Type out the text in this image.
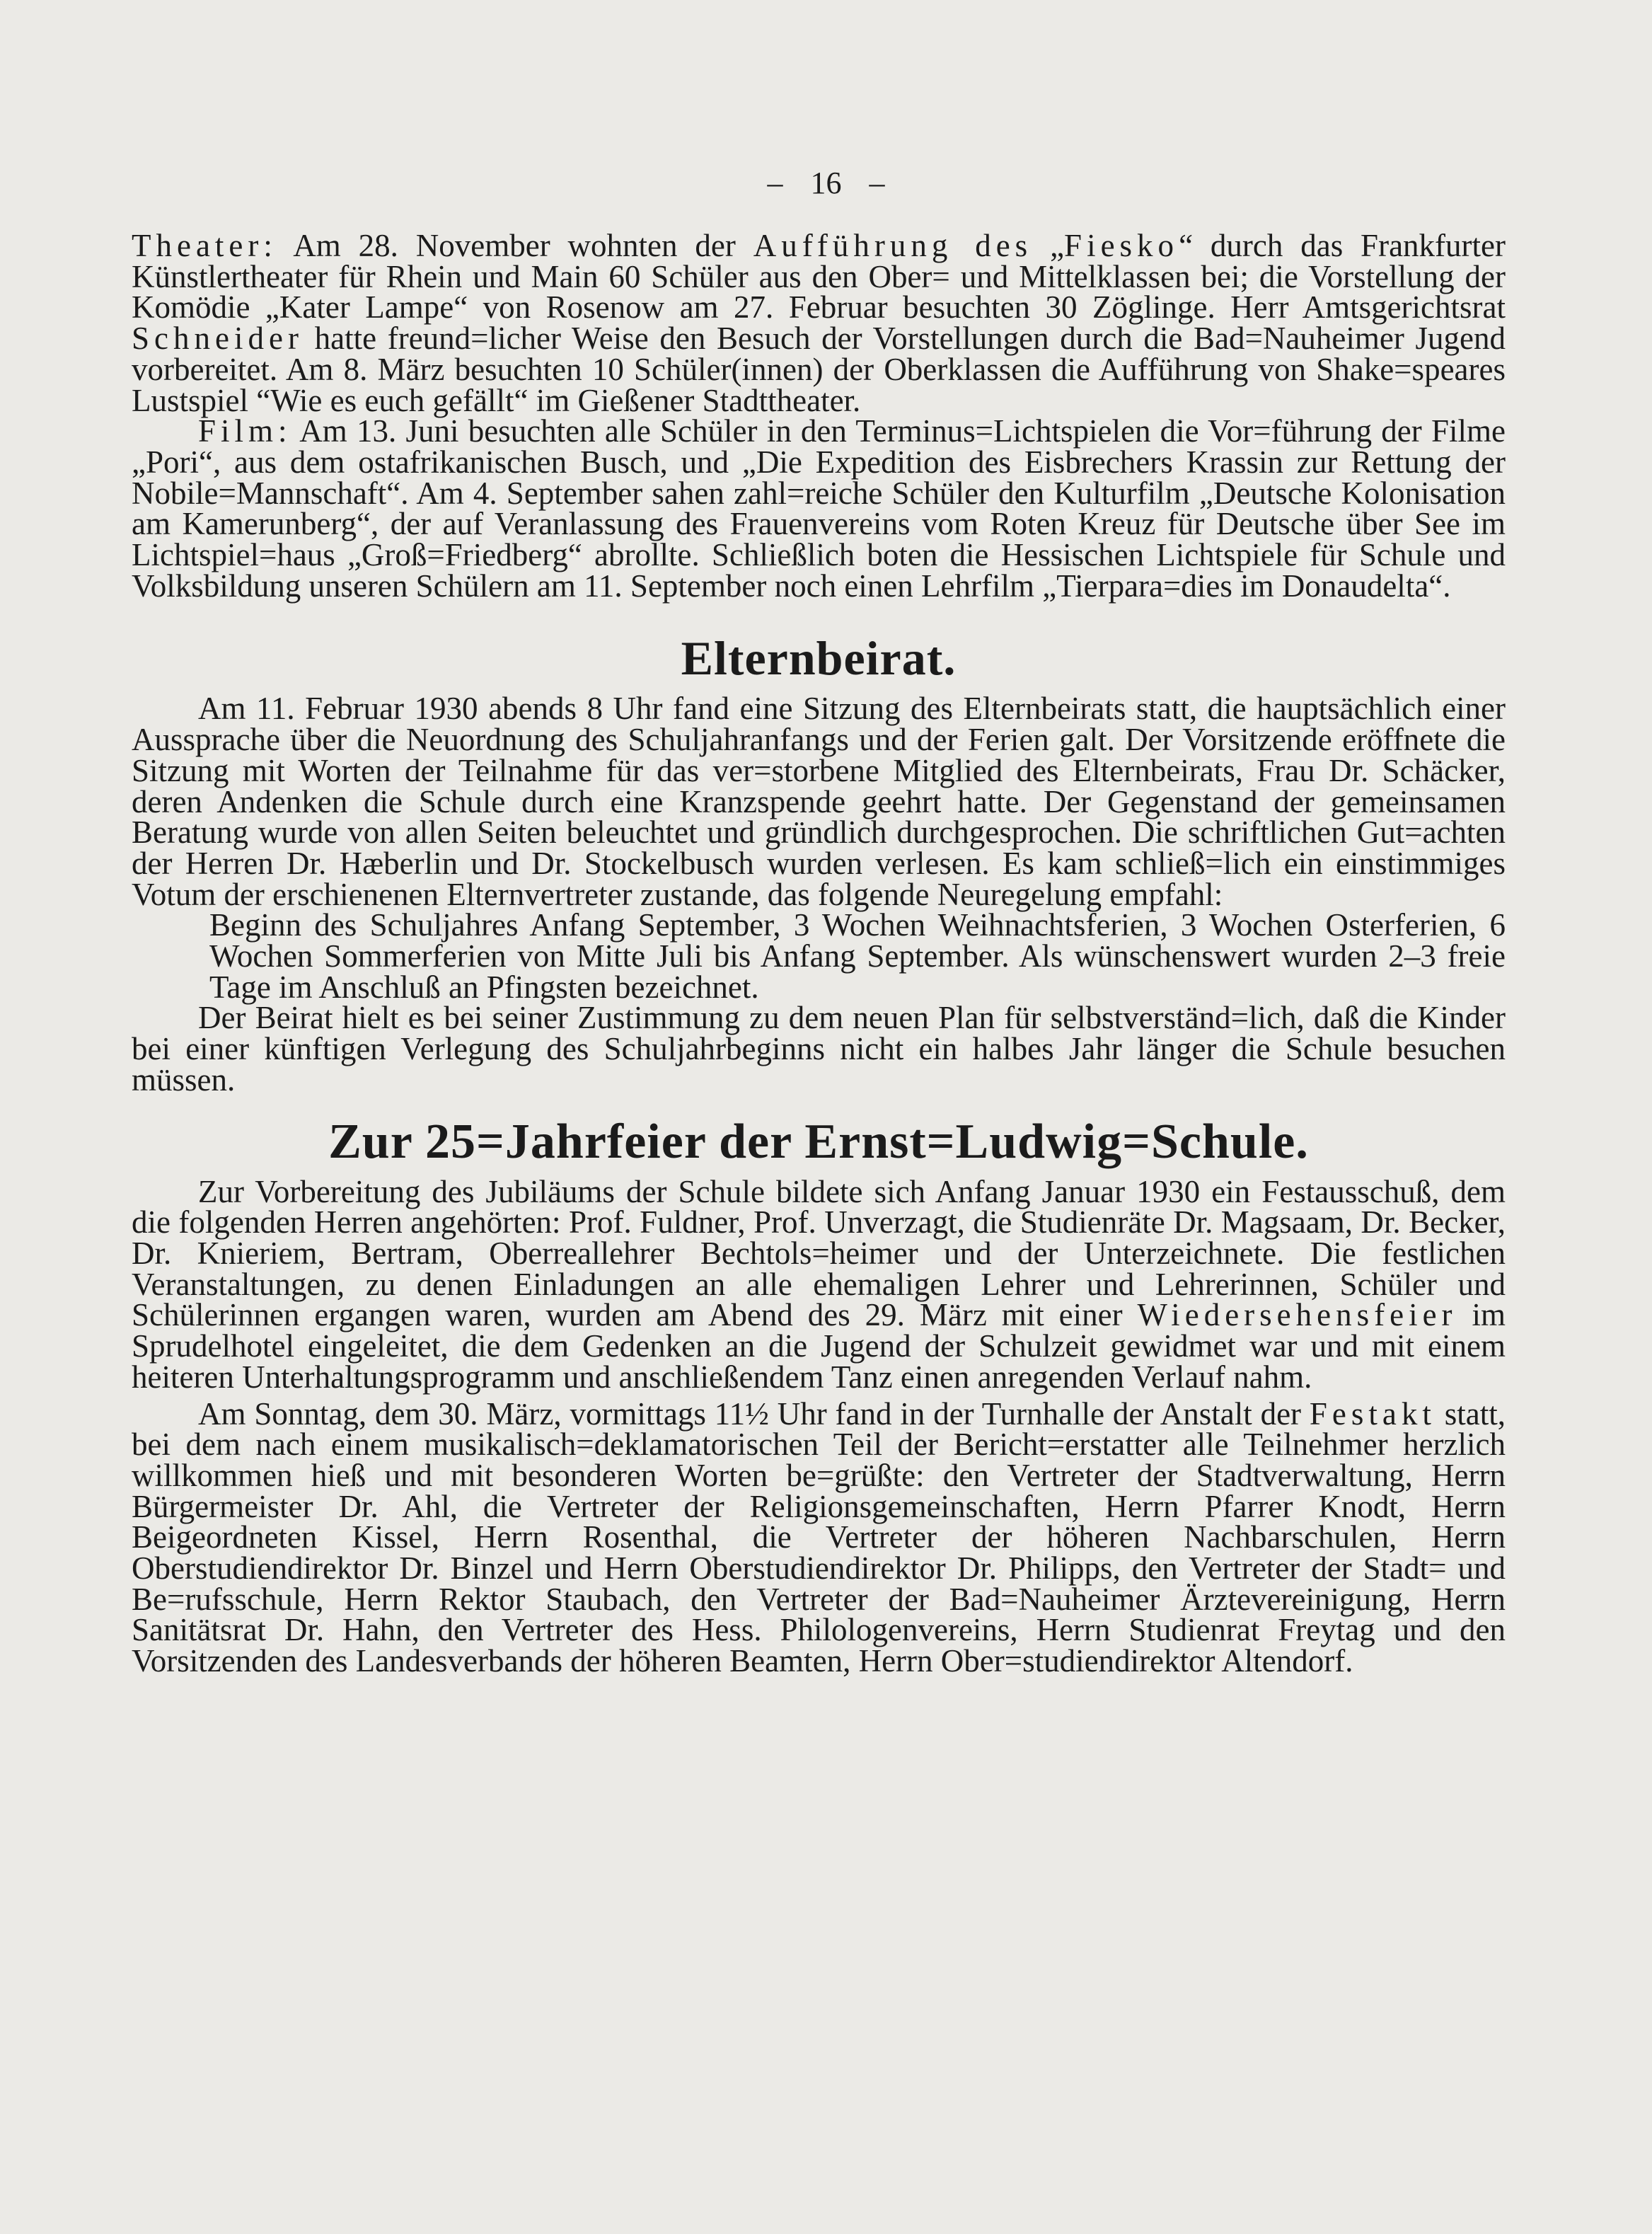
– 16 –

Theater: Am 28. November wohnten der Aufführung des „Fiesko“ durch das Frankfurter Künstlertheater für Rhein und Main 60 Schüler aus den Ober= und Mittelklassen bei; die Vorstellung der Komödie „Kater Lampe“ von Rosenow am 27. Februar besuchten 30 Zöglinge. Herr Amtsgerichtsrat Schneider hatte freund=licher Weise den Besuch der Vorstellungen durch die Bad=Nauheimer Jugend vorbereitet. Am 8. März besuchten 10 Schüler(innen) der Oberklassen die Aufführung von Shake=speares Lustspiel “Wie es euch gefällt“ im Gießener Stadttheater.

Film: Am 13. Juni besuchten alle Schüler in den Terminus=Lichtspielen die Vor=führung der Filme „Pori“, aus dem ostafrikanischen Busch, und „Die Expedition des Eisbrechers Krassin zur Rettung der Nobile=Mannschaft“. Am 4. September sahen zahl=reiche Schüler den Kulturfilm „Deutsche Kolonisation am Kamerunberg“, der auf Veranlassung des Frauenvereins vom Roten Kreuz für Deutsche über See im Lichtspiel=haus „Groß=Friedberg“ abrollte. Schließlich boten die Hessischen Lichtspiele für Schule und Volksbildung unseren Schülern am 11. September noch einen Lehrfilm „Tierpara=dies im Donaudelta“.

Elternbeirat.

Am 11. Februar 1930 abends 8 Uhr fand eine Sitzung des Elternbeirats statt, die hauptsächlich einer Aussprache über die Neuordnung des Schuljahranfangs und der Ferien galt. Der Vorsitzende eröffnete die Sitzung mit Worten der Teilnahme für das ver=storbene Mitglied des Elternbeirats, Frau Dr. Schäcker, deren Andenken die Schule durch eine Kranzspende geehrt hatte. Der Gegenstand der gemeinsamen Beratung wurde von allen Seiten beleuchtet und gründlich durchgesprochen. Die schriftlichen Gut=achten der Herren Dr. Hæberlin und Dr. Stockelbusch wurden verlesen. Es kam schließ=lich ein einstimmiges Votum der erschienenen Elternvertreter zustande, das folgende Neuregelung empfahl:

Beginn des Schuljahres Anfang September, 3 Wochen Weihnachtsferien, 3 Wochen Osterferien, 6 Wochen Sommerferien von Mitte Juli bis Anfang September. Als wünschenswert wurden 2–3 freie Tage im Anschluß an Pfingsten bezeichnet.

Der Beirat hielt es bei seiner Zustimmung zu dem neuen Plan für selbstverständ=lich, daß die Kinder bei einer künftigen Verlegung des Schuljahrbeginns nicht ein halbes Jahr länger die Schule besuchen müssen.

Zur 25=Jahrfeier der Ernst=Ludwig=Schule.

Zur Vorbereitung des Jubiläums der Schule bildete sich Anfang Januar 1930 ein Festausschuß, dem die folgenden Herren angehörten: Prof. Fuldner, Prof. Unverzagt, die Studienräte Dr. Magsaam, Dr. Becker, Dr. Knieriem, Bertram, Oberreallehrer Bechtols=heimer und der Unterzeichnete. Die festlichen Veranstaltungen, zu denen Einladungen an alle ehemaligen Lehrer und Lehrerinnen, Schüler und Schülerinnen ergangen waren, wurden am Abend des 29. März mit einer Wiedersehensfeier im Sprudelhotel eingeleitet, die dem Gedenken an die Jugend der Schulzeit gewidmet war und mit einem heiteren Unterhaltungsprogramm und anschließendem Tanz einen anregenden Verlauf nahm.

Am Sonntag, dem 30. März, vormittags 11½ Uhr fand in der Turnhalle der Anstalt der Festakt statt, bei dem nach einem musikalisch=deklamatorischen Teil der Bericht=erstatter alle Teilnehmer herzlich willkommen hieß und mit besonderen Worten be=grüßte: den Vertreter der Stadtverwaltung, Herrn Bürgermeister Dr. Ahl, die Vertreter der Religionsgemeinschaften, Herrn Pfarrer Knodt, Herrn Beigeordneten Kissel, Herrn Rosenthal, die Vertreter der höheren Nachbarschulen, Herrn Oberstudiendirektor Dr. Binzel und Herrn Oberstudiendirektor Dr. Philipps, den Vertreter der Stadt= und Be=rufsschule, Herrn Rektor Staubach, den Vertreter der Bad=Nauheimer Ärztevereinigung, Herrn Sanitätsrat Dr. Hahn, den Vertreter des Hess. Philologenvereins, Herrn Studienrat Freytag und den Vorsitzenden des Landesverbands der höheren Beamten, Herrn Ober=studiendirektor Altendorf.
